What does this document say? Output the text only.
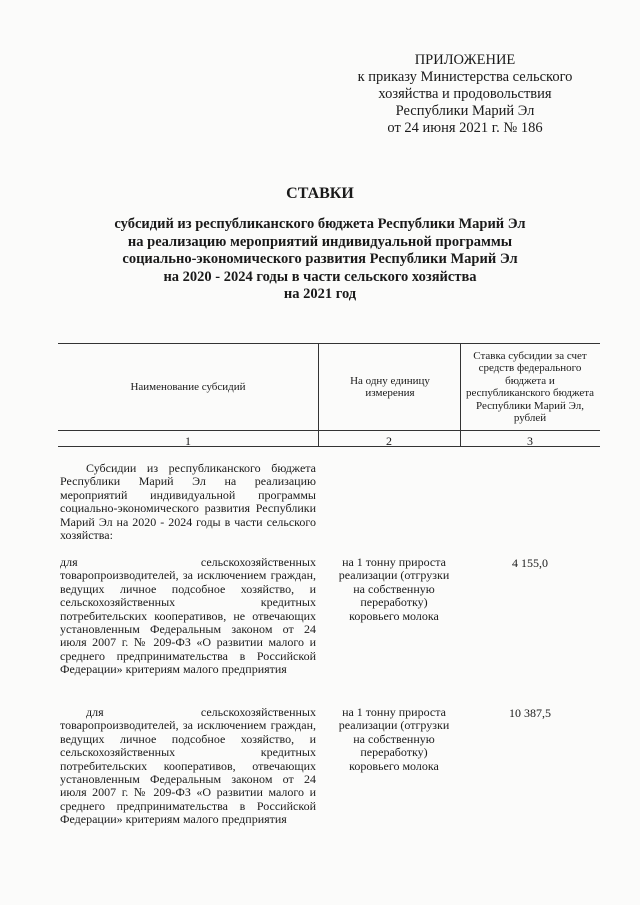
ПРИЛОЖЕНИЕ
к приказу Министерства сельского
хозяйства и продовольствия
Республики Марий Эл
от 24 июня 2021 г. № 186
СТАВКИ
субсидий из республиканского бюджета Республики Марий Эл
на реализацию мероприятий индивидуальной программы
социально-экономического развития Республики Марий Эл
на 2020 - 2024 годы в части сельского хозяйства
на 2021 год
Наименование субсидий
На одну единицу измерения
Ставка субсидии за счет средств федерального бюджета и республиканского бюджета Республики Марий Эл, рублей
1	2	3
Субсидии из республиканского бюджета Республики Марий Эл на реализацию мероприятий индивидуальной программы социально-экономического развития Республики Марий Эл на 2020 - 2024 годы в части сельского хозяйства:
для сельскохозяйственных товаропроизводителей, за исключением граждан, ведущих личное подсобное хозяйство, и сельскохозяйственных кредитных потребительских кооперативов, не отвечающих установленным Федеральным законом от 24 июля 2007 г. № 209-ФЗ «О развитии малого и среднего предпринимательства в Российской Федерации» критериям малого предприятия
на 1 тонну прироста реализации (отгрузки на собственную переработку) коровьего молока
4 155,0
для сельскохозяйственных товаропроизводителей, за исключением граждан, ведущих личное подсобное хозяйство, и сельскохозяйственных кредитных потребительских кооперативов, отвечающих установленным Федеральным законом от 24 июля 2007 г. № 209-ФЗ «О развитии малого и среднего предпринимательства в Российской Федерации» критериям малого предприятия
на 1 тонну прироста реализации (отгрузки на собственную переработку) коровьего молока
10 387,5
